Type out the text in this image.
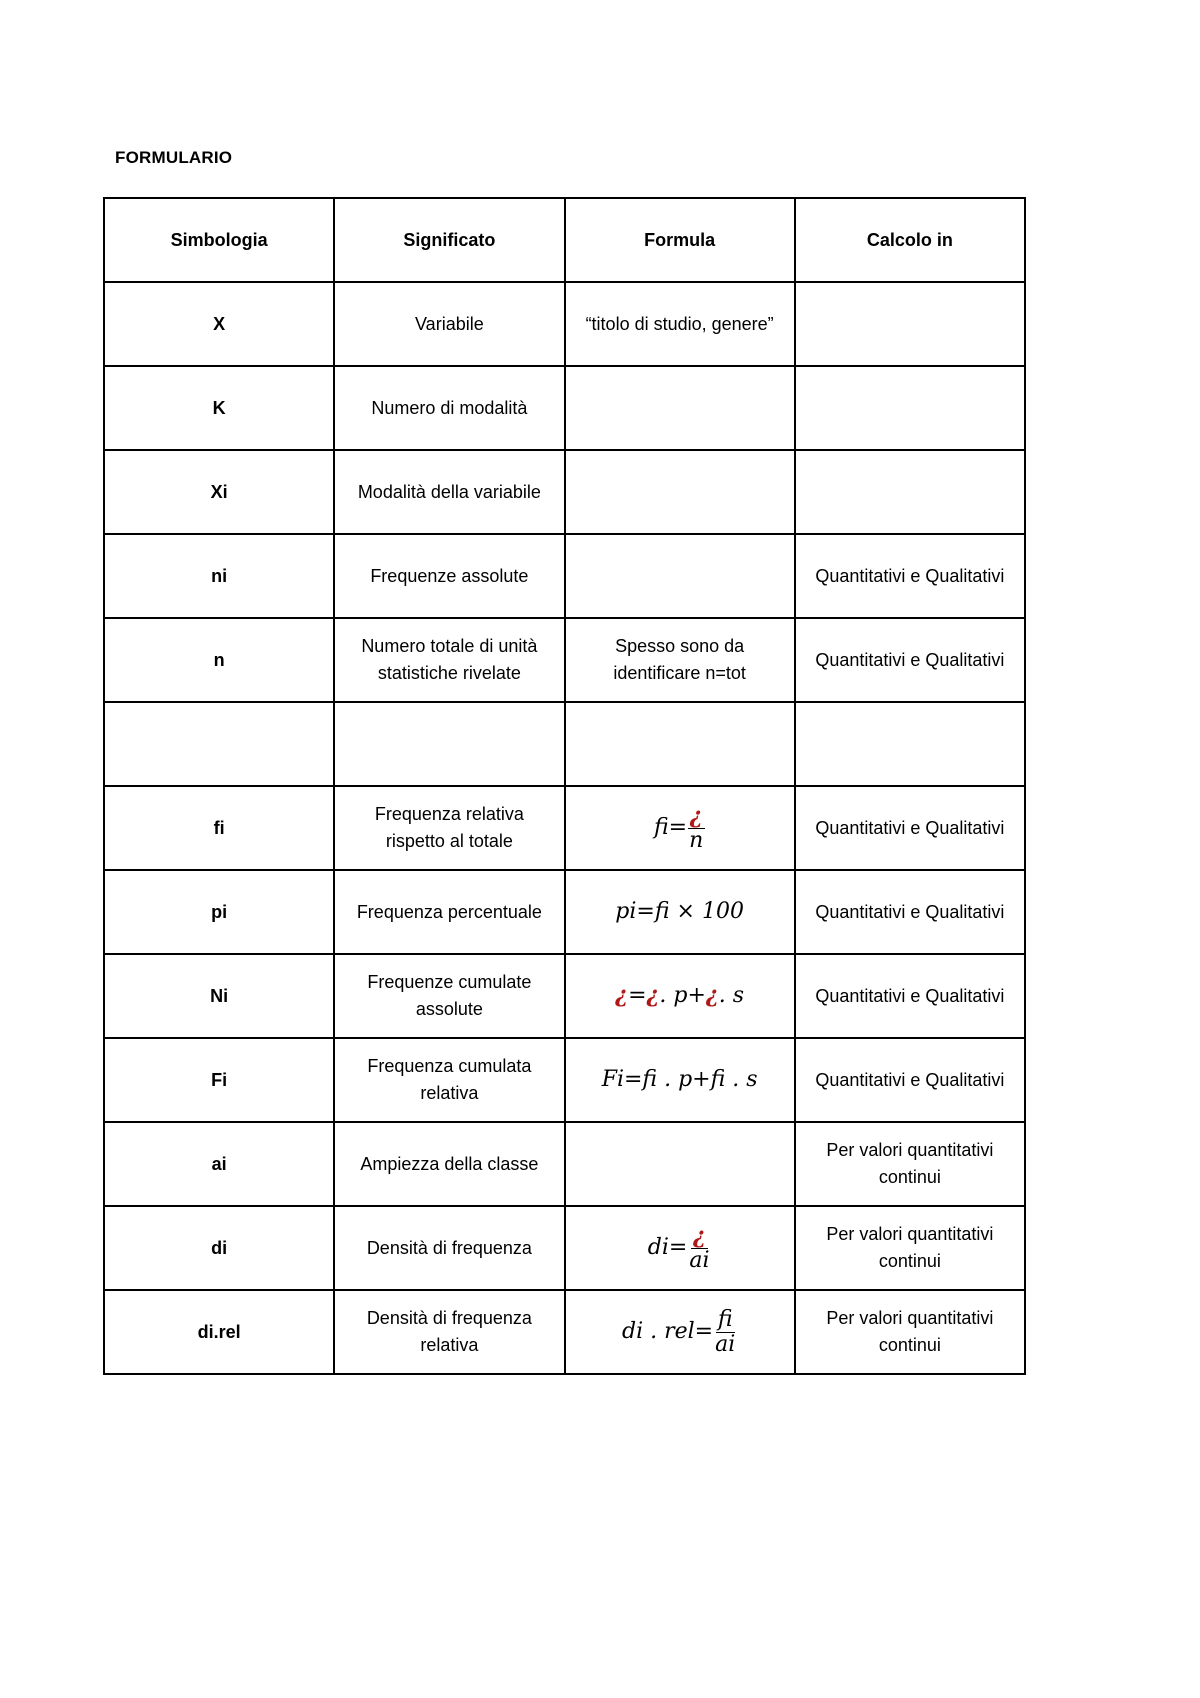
FORMULARIO
Simbologia	Significato	Formula	Calcolo in
X	Variabile	“titolo di studio, genere”	
K	Numero di modalità		
Xi	Modalità della variabile		
ni	Frequenze assolute		Quantitativi e Qualitativi
n	Numero totale di unità statistiche rivelate	Spesso sono da identificare n=tot	Quantitativi e Qualitativi

fi	Frequenza relativa rispetto al totale	$fi= \frac{¿}{n}$	Quantitativi e Qualitativi
pi	Frequenza percentuale	pi=fi × 100	Quantitativi e Qualitativi
Ni	Frequenze cumulate assolute	¿=¿. p+¿. s	Quantitativi e Qualitativi
Fi	Frequenza cumulata relativa	Fi=fi . p+fi . s	Quantitativi e Qualitativi
ai	Ampiezza della classe		Per valori quantitativi continui
di	Densità di frequenza	$di= \frac{¿}{ai}$	Per valori quantitativi continui
di.rel	Densità di frequenza relativa	di . $rel= \frac{fi}{ai}$	Per valori quantitativi continui
